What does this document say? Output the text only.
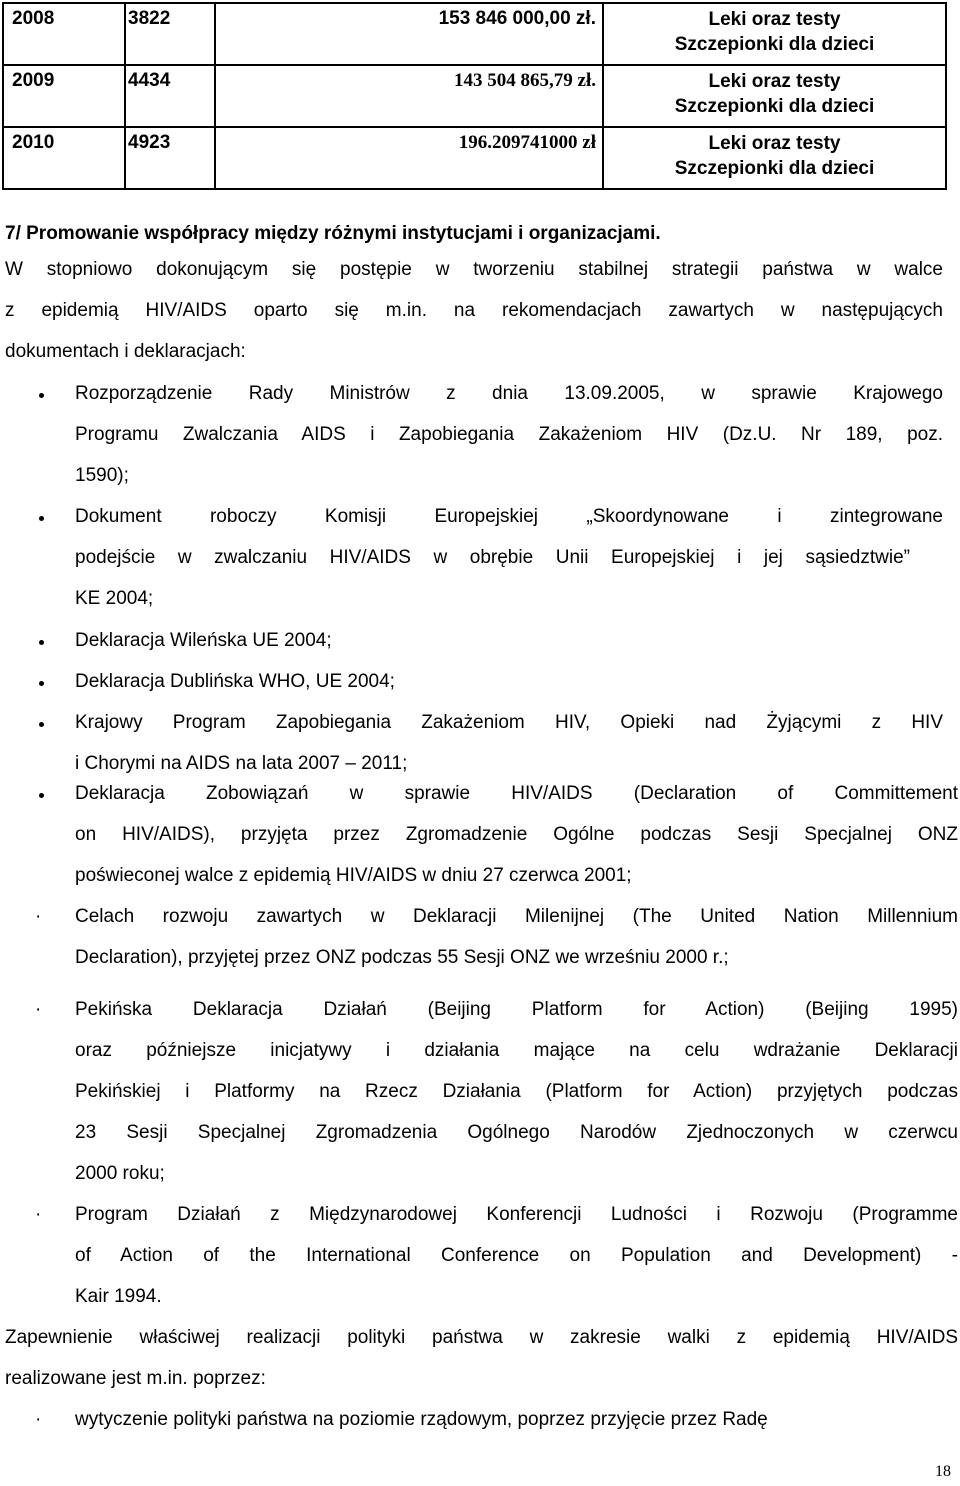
2008	3822	153 846 000,00 zł.	Leki oraz testy
Szczepionki dla dzieci

2009	4434	143 504 865,79 zł.	Leki oraz testy
Szczepionki dla dzieci

2010	4923	196.209741000 zł	Leki oraz testy
Szczepionki dla dzieci
7/ Promowanie współpracy między różnymi instytucjami i organizacjami.
W stopniowo dokonującym się postępie w tworzeniu stabilnej strategii państwa w walce
z epidemią HIV/AIDS oparto się m.in. na rekomendacjach zawartych w następujących
dokumentach i deklaracjach:
Rozporządzenie Rady Ministrów z dnia 13.09.2005, w sprawie Krajowego
Programu Zwalczania AIDS i Zapobiegania Zakażeniom HIV (Dz.U. Nr 189, poz.
1590);
Dokument roboczy Komisji Europejskiej „Skoordynowane i zintegrowane
podejście w zwalczaniu HIV/AIDS w obrębie Unii Europejskiej i jej sąsiedztwie”
KE 2004;
Deklaracja Wileńska UE 2004;
Deklaracja Dublińska WHO, UE 2004;
Krajowy Program Zapobiegania Zakażeniom HIV, Opieki nad Żyjącymi z HIV
i Chorymi na AIDS na lata 2007 – 2011;
Deklaracja Zobowiązań w sprawie HIV/AIDS (Declaration of Committement
on HIV/AIDS), przyjęta przez Zgromadzenie Ogólne podczas Sesji Specjalnej ONZ
poświeconej walce z epidemią HIV/AIDS w dniu 27 czerwca 2001;
· Celach rozwoju zawartych w Deklaracji Milenijnej (The United Nation Millennium
Declaration), przyjętej przez ONZ podczas 55 Sesji ONZ we wrześniu 2000 r.;
· Pekińska Deklaracja Działań (Beijing Platform for Action) (Beijing 1995)
oraz późniejsze inicjatywy i działania mające na celu wdrażanie Deklaracji
Pekińskiej i Platformy na Rzecz Działania (Platform for Action) przyjętych podczas
23 Sesji Specjalnej Zgromadzenia Ogólnego Narodów Zjednoczonych w czerwcu
2000 roku;
· Program Działań z Międzynarodowej Konferencji Ludności i Rozwoju (Programme
of Action of the International Conference on Population and Development) -
Kair 1994.
Zapewnienie właściwej realizacji polityki państwa w zakresie walki z epidemią HIV/AIDS
realizowane jest m.in. poprzez:
· wytyczenie polityki państwa na poziomie rządowym, poprzez przyjęcie przez Radę
18
